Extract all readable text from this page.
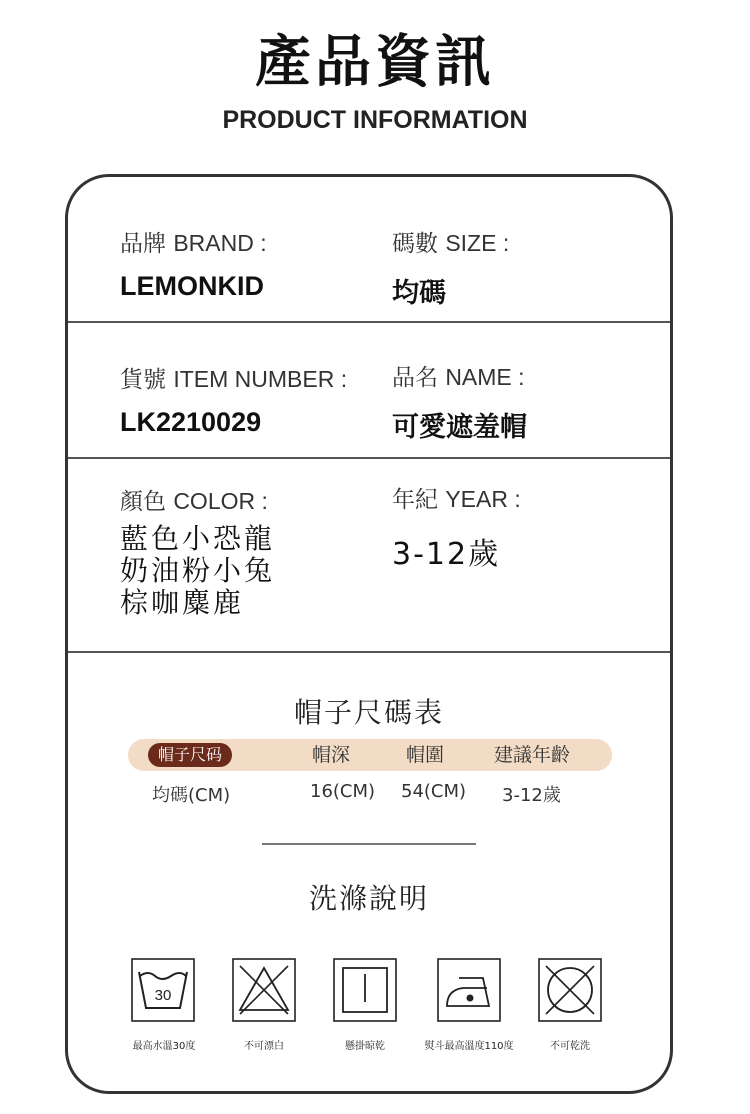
產品資訊
PRODUCT INFORMATION
品牌 BRAND :
LEMONKID
碼數 SIZE :
均碼
貨號 ITEM NUMBER :
LK2210029
品名 NAME :
可愛遮羞帽
顏色 COLOR :
藍色小恐龍
奶油粉小兔
棕咖麋鹿
年紀 YEAR :
3-12歲
帽子尺碼表
帽子尺码	帽深	帽圍	建議年齡
均碼(CM)	16(CM) 54(CM) 3-12歲
洗滌說明
30
最高水溫30度	不可漂白	懸掛晾乾	熨斗最高溫度110度	不可乾洗
